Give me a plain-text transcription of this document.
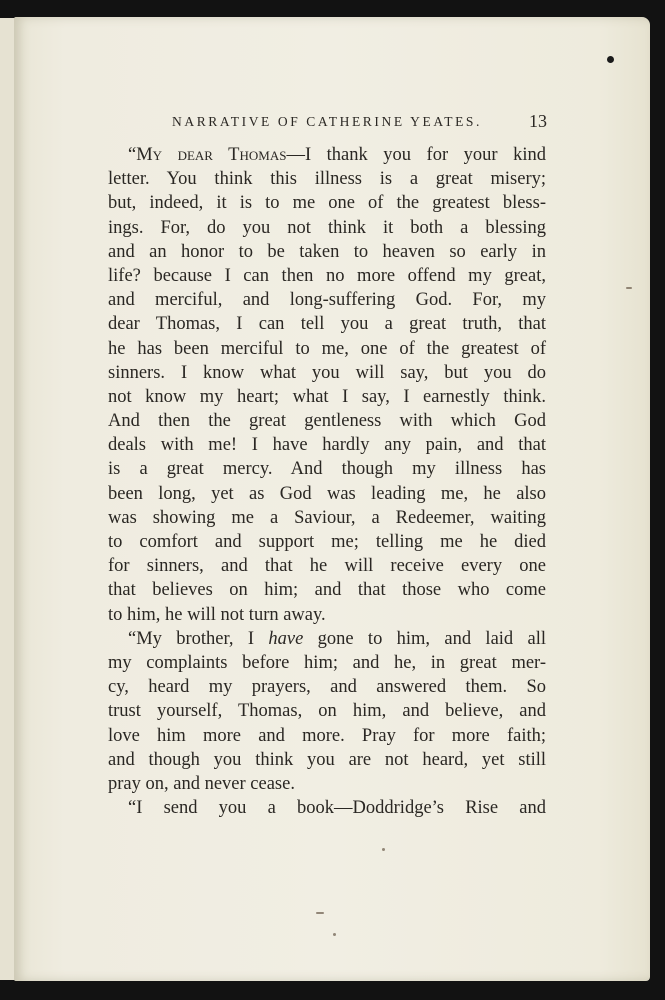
NARRATIVE OF CATHERINE YEATES.	13
“My dear Thomas—I thank you for your kind
letter. You think this illness is a great misery;
but, indeed, it is to me one of the greatest bless-
ings. For, do you not think it both a blessing
and an honor to be taken to heaven so early in
life? because I can then no more offend my great,
and merciful, and long-suffering God. For, my
dear Thomas, I can tell you a great truth, that
he has been merciful to me, one of the greatest of
sinners. I know what you will say, but you do
not know my heart; what I say, I earnestly think.
And then the great gentleness with which God
deals with me! I have hardly any pain, and that
is a great mercy. And though my illness has
been long, yet as God was leading me, he also
was showing me a Saviour, a Redeemer, waiting
to comfort and support me; telling me he died
for sinners, and that he will receive every one
that believes on him; and that those who come
to him, he will not turn away.
“My brother, I have gone to him, and laid all
my complaints before him; and he, in great mer-
cy, heard my prayers, and answered them. So
trust yourself, Thomas, on him, and believe, and
love him more and more. Pray for more faith;
and though you think you are not heard, yet still
pray on, and never cease.
“I send you a book—Doddridge’s Rise and
